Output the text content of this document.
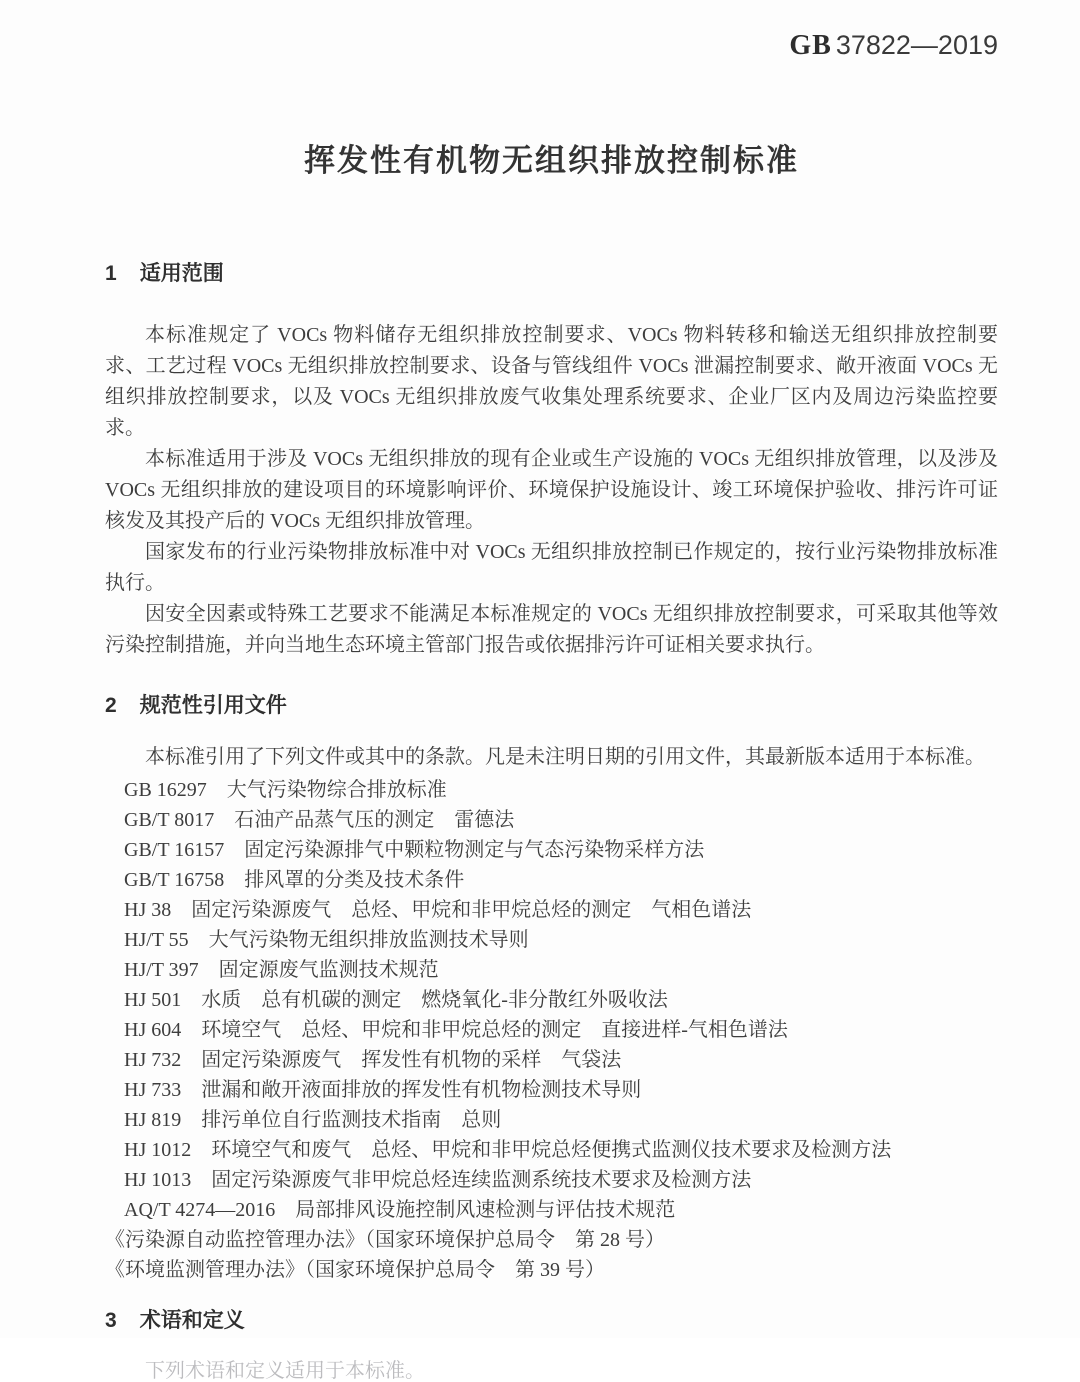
GB 37822—2019
挥发性有机物无组织排放控制标准
1 适用范围

本标准规定了 VOCs 物料储存无组织排放控制要求、VOCs 物料转移和输送无组织排放控制要求、工艺过程 VOCs 无组织排放控制要求、设备与管线组件 VOCs 泄漏控制要求、敞开液面 VOCs 无组织排放控制要求，以及 VOCs 无组织排放废气收集处理系统要求、企业厂区内及周边污染监控要求。

本标准适用于涉及 VOCs 无组织排放的现有企业或生产设施的 VOCs 无组织排放管理，以及涉及 VOCs 无组织排放的建设项目的环境影响评价、环境保护设施设计、竣工环境保护验收、排污许可证核发及其投产后的 VOCs 无组织排放管理。

国家发布的行业污染物排放标准中对 VOCs 无组织排放控制已作规定的，按行业污染物排放标准执行。

因安全因素或特殊工艺要求不能满足本标准规定的 VOCs 无组织排放控制要求，可采取其他等效污染控制措施，并向当地生态环境主管部门报告或依据排污许可证相关要求执行。

2 规范性引用文件

本标准引用了下列文件或其中的条款。凡是未注明日期的引用文件，其最新版本适用于本标准。

GB 16297　大气污染物综合排放标准
GB/T 8017　石油产品蒸气压的测定　雷德法
GB/T 16157　固定污染源排气中颗粒物测定与气态污染物采样方法
GB/T 16758　排风罩的分类及技术条件
HJ 38　固定污染源废气　总烃、甲烷和非甲烷总烃的测定　气相色谱法
HJ/T 55　大气污染物无组织排放监测技术导则
HJ/T 397　固定源废气监测技术规范
HJ 501　水质　总有机碳的测定　燃烧氧化-非分散红外吸收法
HJ 604　环境空气　总烃、甲烷和非甲烷总烃的测定　直接进样-气相色谱法
HJ 732　固定污染源废气　挥发性有机物的采样　气袋法
HJ 733　泄漏和敞开液面排放的挥发性有机物检测技术导则
HJ 819　排污单位自行监测技术指南　总则
HJ 1012　环境空气和废气　总烃、甲烷和非甲烷总烃便携式监测仪技术要求及检测方法
HJ 1013　固定污染源废气非甲烷总烃连续监测系统技术要求及检测方法
AQ/T 4274—2016　局部排风设施控制风速检测与评估技术规范
《污染源自动监控管理办法》（国家环境保护总局令　第 28 号）
《环境监测管理办法》（国家环境保护总局令　第 39 号）
3 术语和定义
下列术语和定义适用于本标准。
